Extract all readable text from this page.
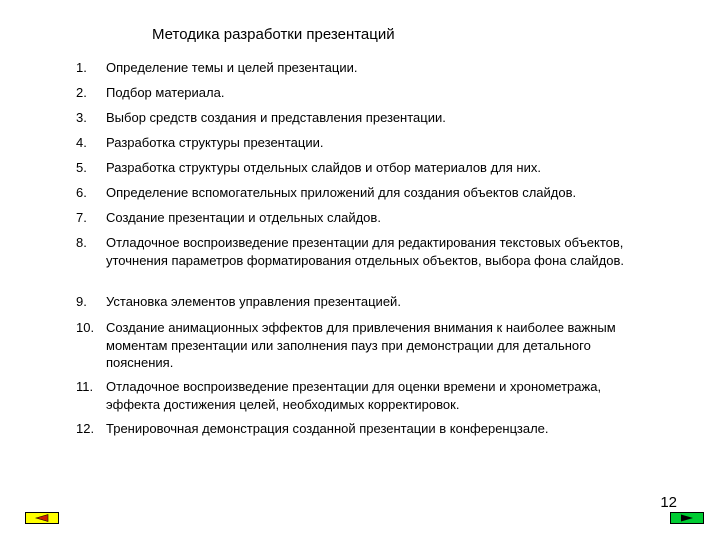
Методика разработки презентаций
1.	Определение темы и целей презентации.
2.	Подбор материала.
3.	Выбор средств создания и представления презентации.
4.	Разработка структуры презентации.
5.	Разработка структуры отдельных слайдов и отбор материалов для них.
6.	Определение вспомогательных приложений для создания объектов слайдов.
7.	Создание презентации и отдельных слайдов.
8.	Отладочное воспроизведение презентации для редактирования текстовых объектов, уточнения параметров форматирования отдельных объектов, выбора фона слайдов.
9.	Установка элементов управления презентацией.
10. Создание анимационных эффектов для привлечения внимания к наиболее важным моментам презентации или заполнения пауз при демонстрации для детального пояснения.
11. Отладочное воспроизведение презентации для оценки времени и хронометража, эффекта достижения целей, необходимых корректировок.
12. Тренировочная демонстрация созданной презентации в конференцзале.
12
